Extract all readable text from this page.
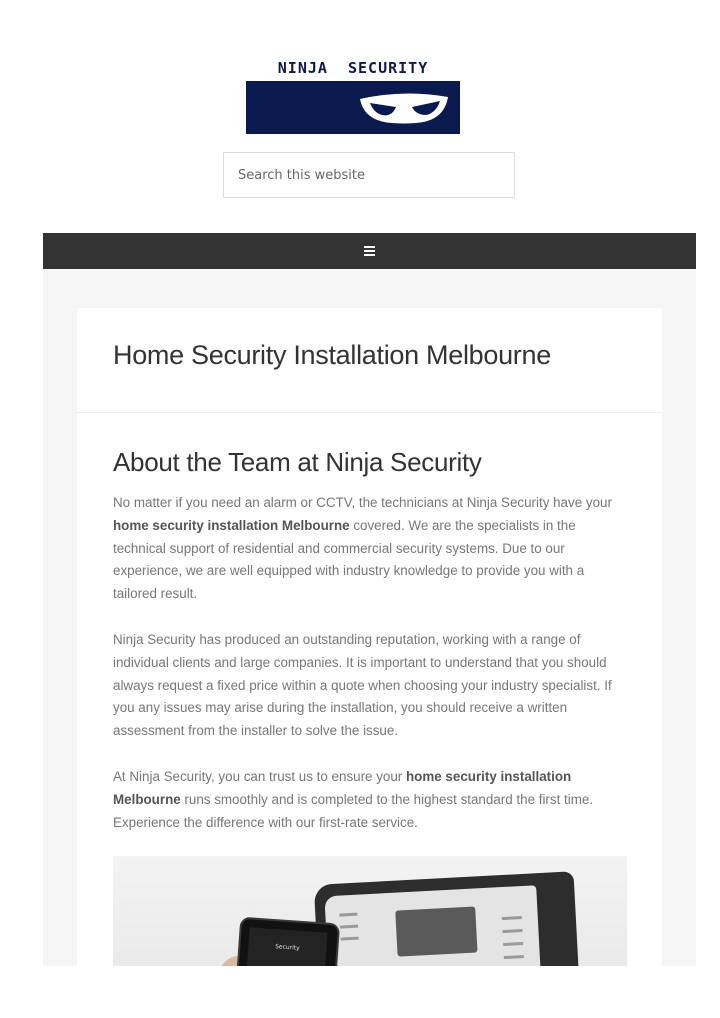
NINJA  SECURITY
Search this website
Home Security Installation Melbourne
About the Team at Ninja Security

No matter if you need an alarm or CCTV, the technicians at Ninja Security have your home security installation Melbourne covered. We are the specialists in the technical support of residential and commercial security systems. Due to our experience, we are well equipped with industry knowledge to provide you with a tailored result.

Ninja Security has produced an outstanding reputation, working with a range of individual clients and large companies. It is important to understand that you should always request a fixed price within a quote when choosing your industry specialist. If you any issues may arise during the installation, you should receive a written assessment from the installer to solve the issue.

At Ninja Security, you can trust us to ensure your home security installation Melbourne runs smoothly and is completed to the highest standard the first time. Experience the difference with our first-rate service.

Security
